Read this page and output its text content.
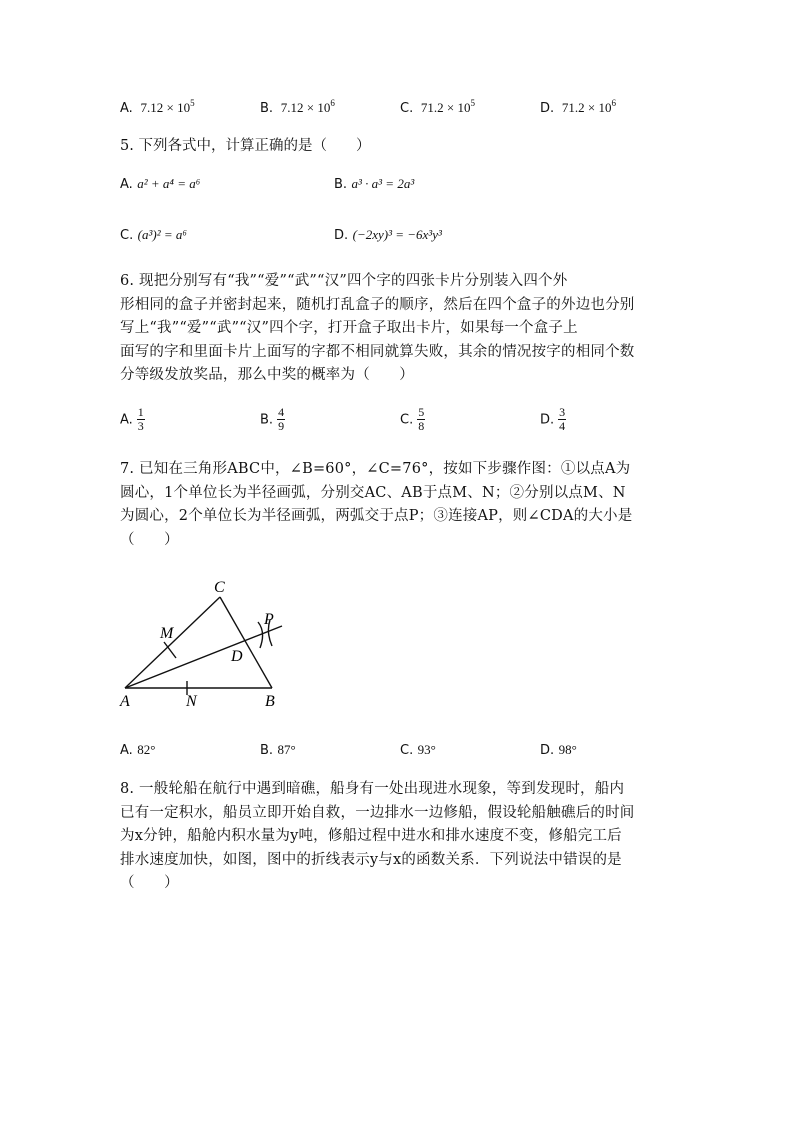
A. $7.12 \times 10^5$	B. $7.12 \times 10^6$	C. $71.2 \times 10^5$	D. $71.2 \times 10^6$
5. 下列各式中，计算正确的是（　　）
A. a² + a⁴ = a⁶	B. a³ · a³ = 2a³
C. (a³)² = a⁶	D. (−2xy)³ = −6x³y³
6. 现把分别写有“我”“爱”“武”“汉”四个字的四张卡片分别装入四个外
形相同的盒子并密封起来，随机打乱盒子的顺序，然后在四个盒子的外边也分别
写上“我”“爱”“武”“汉”四个字，打开盒子取出卡片，如果每一个盒子上
面写的字和里面卡片上面写的字都不相同就算失败，其余的情况按字的相同个数
分等级发放奖品，那么中奖的概率为（　　）
A. $\frac{1}{3}$	B. $\frac{4}{9}$	C. $\frac{5}{8}$	D. $\frac{3}{4}$
7. 已知在三角形ABC中，∠B=60°，∠C=76°，按如下步骤作图：①以点A为
圆心，1个单位长为半径画弧，分别交AC、AB于点M、N；②分别以点M、N
为圆心，2个单位长为半径画弧，两弧交于点P；③连接AP，则∠CDA的大小是
（　　）
C
M
P
D
A	N	B
A. 82°	B. 87°	C. 93°	D. 98°
8. 一般轮船在航行中遇到暗礁，船身有一处出现进水现象，等到发现时，船内
已有一定积水，船员立即开始自救，一边排水一边修船，假设轮船触礁后的时间
为x分钟，船舱内积水量为y吨，修船过程中进水和排水速度不变，修船完工后
排水速度加快，如图，图中的折线表示y与x的函数关系．下列说法中错误的是
（　　）
